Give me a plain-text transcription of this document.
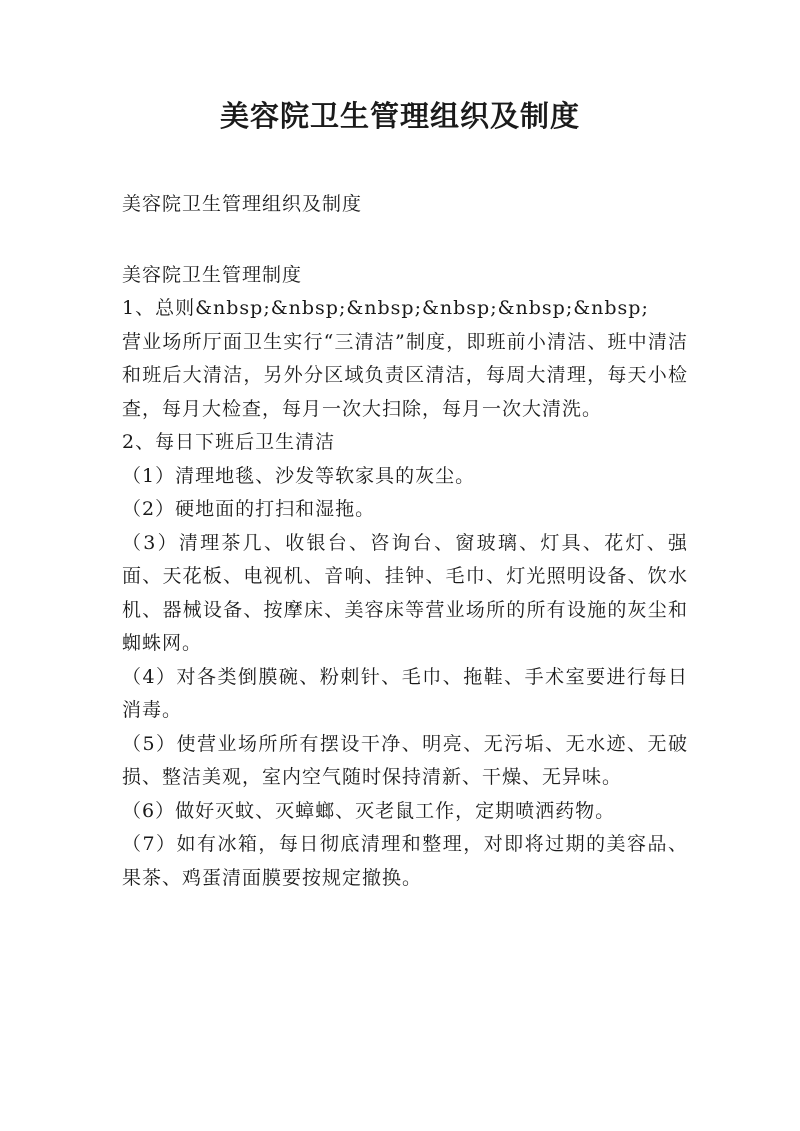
美容院卫生管理组织及制度

美容院卫生管理组织及制度

美容院卫生管理制度

1、总则&nbsp;&nbsp;&nbsp;&nbsp;&nbsp;&nbsp;

营业场所厅面卫生实行“三清洁”制度，即班前小清洁、班中清洁和班后大清洁，另外分区域负责区清洁，每周大清理，每天小检查，每月大检查，每月一次大扫除，每月一次大清洗。

2、每日下班后卫生清洁

（1）清理地毯、沙发等软家具的灰尘。

（2）硬地面的打扫和湿拖。

（3）清理茶几、收银台、咨询台、窗玻璃、灯具、花灯、强面、天花板、电视机、音响、挂钟、毛巾、灯光照明设备、饮水机、器械设备、按摩床、美容床等营业场所的所有设施的灰尘和蜘蛛网。

（4）对各类倒膜碗、粉刺针、毛巾、拖鞋、手术室要进行每日消毒。

（5）使营业场所所有摆设干净、明亮、无污垢、无水迹、无破损、整洁美观，室内空气随时保持清新、干燥、无异味。

（6）做好灭蚊、灭蟑螂、灭老鼠工作，定期喷洒药物。

（7）如有冰箱，每日彻底清理和整理，对即将过期的美容品、果茶、鸡蛋清面膜要按规定撤换。
